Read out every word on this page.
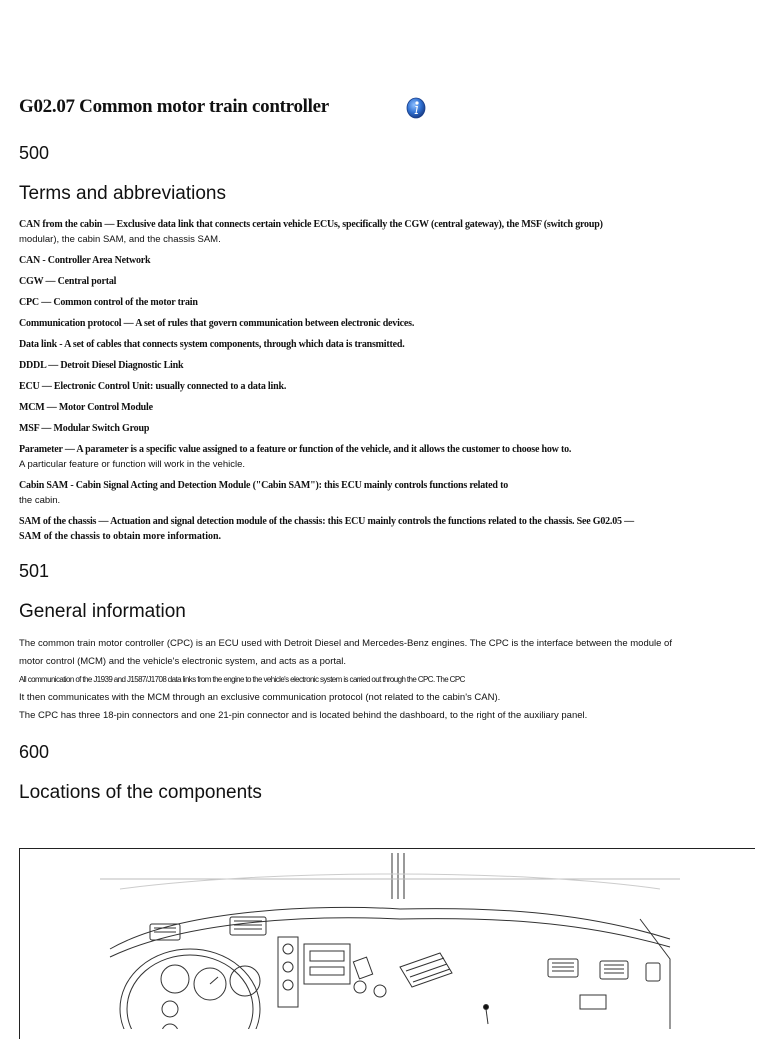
G02.07 Common motor train controller
500
Terms and abbreviations
CAN from the cabin — Exclusive data link that connects certain vehicle ECUs, specifically the CGW (central gateway), the MSF (switch group)
modular), the cabin SAM, and the chassis SAM.
CAN - Controller Area Network
CGW — Central portal
CPC — Common control of the motor train
Communication protocol — A set of rules that govern communication between electronic devices.
Data link - A set of cables that connects system components, through which data is transmitted.
DDDL — Detroit Diesel Diagnostic Link
ECU — Electronic Control Unit: usually connected to a data link.
MCM — Motor Control Module
MSF — Modular Switch Group
Parameter — A parameter is a specific value assigned to a feature or function of the vehicle, and it allows the customer to choose how to.
A particular feature or function will work in the vehicle.
Cabin SAM - Cabin Signal Acting and Detection Module ("Cabin SAM"): this ECU mainly controls functions related to
the cabin.
SAM of the chassis — Actuation and signal detection module of the chassis: this ECU mainly controls the functions related to the chassis. See G02.05 —
SAM of the chassis to obtain more information.
501
General information

The common train motor controller (CPC) is an ECU used with Detroit Diesel and Mercedes-Benz engines. The CPC is the interface between the module of

motor control (MCM) and the vehicle's electronic system, and acts as a portal.

All communication of the J1939 and J1587/J1708 data links from the engine to the vehicle's electronic system is carried out through the CPC. The CPC

It then communicates with the MCM through an exclusive communication protocol (not related to the cabin's CAN).

The CPC has three 18-pin connectors and one 21-pin connector and is located behind the dashboard, to the right of the auxiliary panel.

600
Locations of the components
